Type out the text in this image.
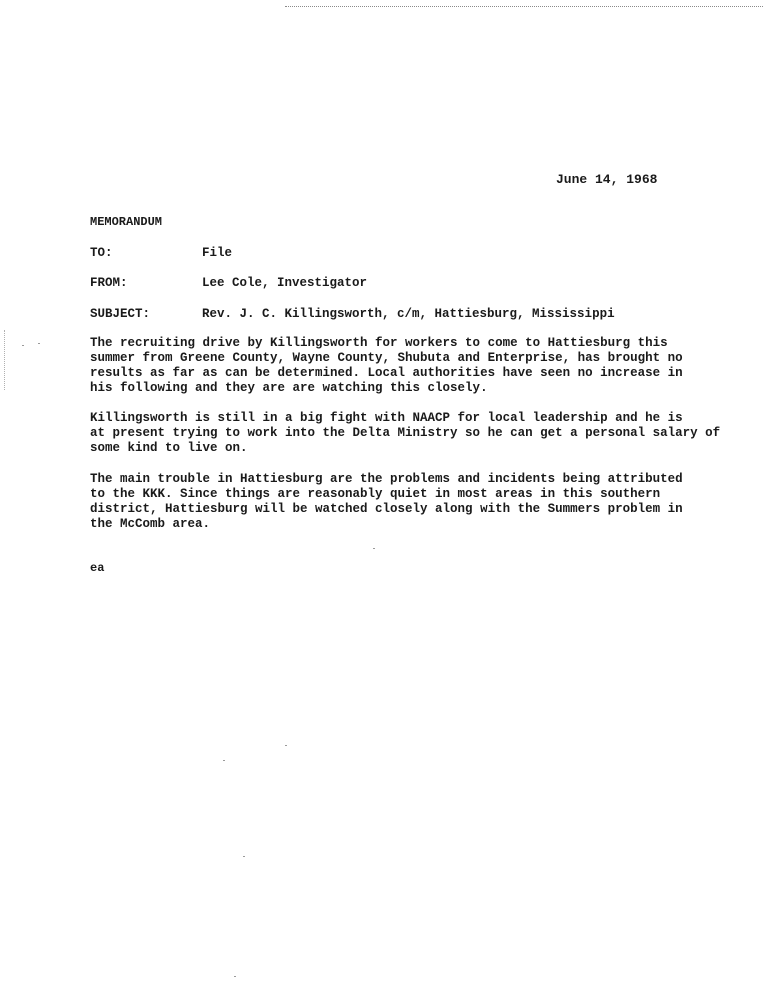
June 14, 1968
MEMORANDUM
TO:	File
FROM:	Lee Cole, Investigator
SUBJECT:	Rev. J. C. Killingsworth, c/m, Hattiesburg, Mississippi
The recruiting drive by Killingsworth for workers to come to Hattiesburg this
summer from Greene County, Wayne County, Shubuta and Enterprise, has brought no
results as far as can be determined. Local authorities have seen no increase in
his following and they are are watching this closely.
Killingsworth is still in a big fight with NAACP for local leadership and he is
at present trying to work into the Delta Ministry so he can get a personal salary of
some kind to live on.
The main trouble in Hattiesburg are the problems and incidents being attributed
to the KKK. Since things are reasonably quiet in most areas in this southern
district, Hattiesburg will be watched closely along with the Summers problem in
the McComb area.
ea
